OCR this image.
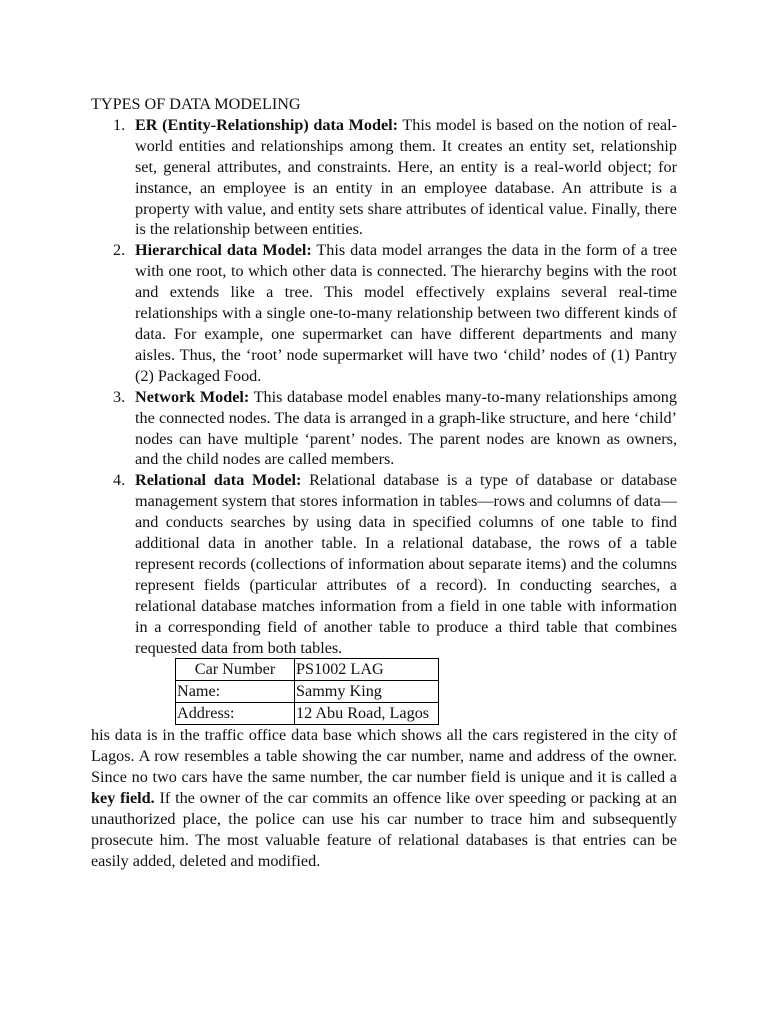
TYPES OF DATA MODELING
1. ER (Entity-Relationship) data Model: This model is based on the notion of real-world entities and relationships among them. It creates an entity set, relationship set, general attributes, and constraints. Here, an entity is a real-world object; for instance, an employee is an entity in an employee database. An attribute is a property with value, and entity sets share attributes of identical value. Finally, there is the relationship between entities.
2. Hierarchical data Model: This data model arranges the data in the form of a tree with one root, to which other data is connected. The hierarchy begins with the root and extends like a tree. This model effectively explains several real-time relationships with a single one-to-many relationship between two different kinds of data. For example, one supermarket can have different departments and many aisles. Thus, the ‘root’ node supermarket will have two ‘child’ nodes of (1) Pantry (2) Packaged Food.
3. Network Model: This database model enables many-to-many relationships among the connected nodes. The data is arranged in a graph-like structure, and here ‘child’ nodes can have multiple ‘parent’ nodes. The parent nodes are known as owners, and the child nodes are called members.
4. Relational data Model: Relational database is a type of database or database management system that stores information in tables—rows and columns of data—and conducts searches by using data in specified columns of one table to find additional data in another table. In a relational database, the rows of a table represent records (collections of information about separate items) and the columns represent fields (particular attributes of a record). In conducting searches, a relational database matches information from a field in one table with information in a corresponding field of another table to produce a third table that combines requested data from both tables.
Car Number	PS1002 LAG
Name:	Sammy King
Address:	12 Abu Road, Lagos

his data is in the traffic office data base which shows all the cars registered in the city of Lagos. A row resembles a table showing the car number, name and address of the owner. Since no two cars have the same number, the car number field is unique and it is called a key field. If the owner of the car commits an offence like over speeding or packing at an unauthorized place, the police can use his car number to trace him and subsequently prosecute him. The most valuable feature of relational databases is that entries can be easily added, deleted and modified.
